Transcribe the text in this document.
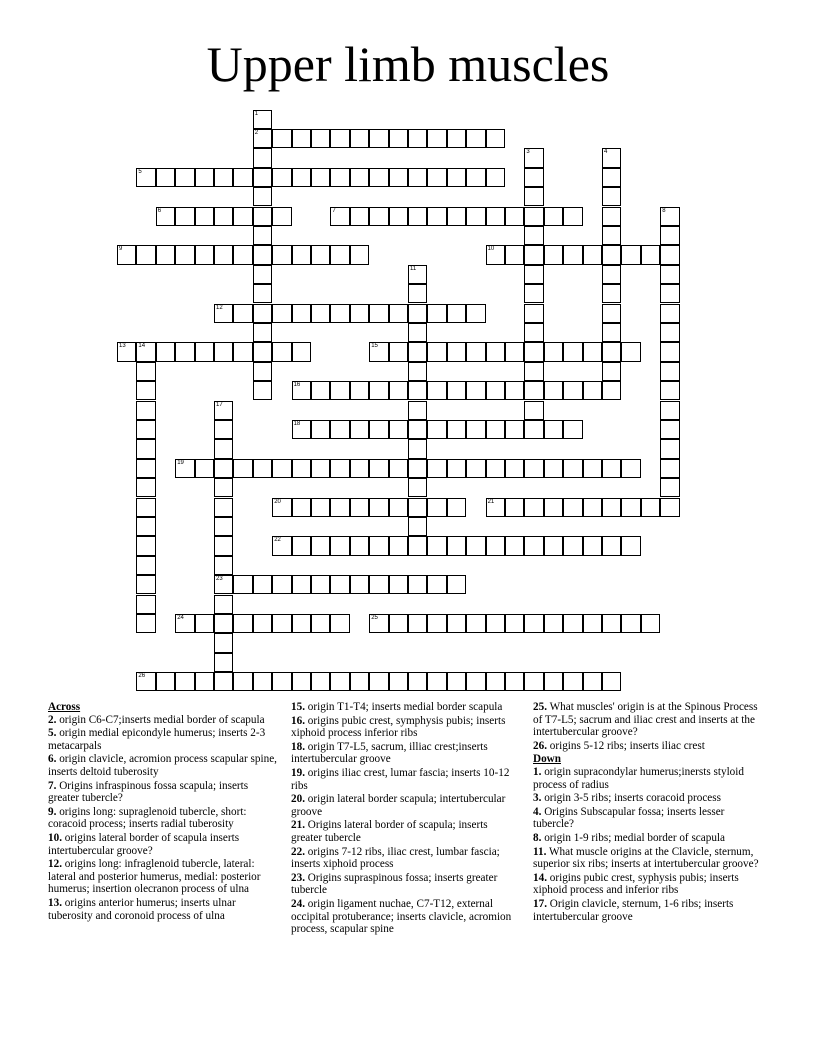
Upper limb muscles
1
2
3	4
5
6	7	8
9	10
11
12
13 14	15
16
17
23
18
19
20	21
22
24	25
26

Across

2. origin C6-C7;inserts medial border of scapula

5. origin medial epicondyle humerus; inserts 2-3 metacarpals

6. origin clavicle, acromion process scapular spine, inserts deltoid tuberosity

7. Origins infraspinous fossa scapula; inserts greater tubercle?

9. origins long: supraglenoid tubercle, short: coracoid process; inserts radial tuberosity

10. origins lateral border of scapula inserts intertubercular groove?

12. origins long: infraglenoid tubercle, lateral: lateral and posterior humerus, medial: posterior humerus; insertion olecranon process of ulna

13. origins anterior humerus; inserts ulnar tuberosity and coronoid process of ulna

15. origin T1-T4; inserts medial border scapula

16. origins pubic crest, symphysis pubis; inserts xiphoid process inferior ribs

18. origin T7-L5, sacrum, illiac crest;inserts intertubercular groove

19. origins iliac crest, lumar fascia; inserts 10-12 ribs

20. origin lateral border scapula; intertubercular groove

21. Origins lateral border of scapula; inserts greater tubercle

22. origins 7-12 ribs, iliac crest, lumbar fascia; inserts xiphoid process

23. Origins supraspinous fossa; inserts greater tubercle

24. origin ligament nuchae, C7-T12, external occipital protuberance; inserts clavicle, acromion process, scapular spine

25. What muscles' origin is at the Spinous Process of T7-L5; sacrum and iliac crest and inserts at the intertubercular groove?

26. origins 5-12 ribs; inserts iliac crest

Down

1. origin supracondylar humerus;inersts styloid process of radius

3. origin 3-5 ribs; inserts coracoid process

4. Origins Subscapular fossa; inserts lesser tubercle?

8. origin 1-9 ribs; medial border of scapula

11. What muscle origins at the Clavicle, sternum, superior six ribs; inserts at intertubercular groove?

14. origins pubic crest, syphysis pubis; inserts xiphoid process and inferior ribs

17. Origin clavicle, sternum, 1-6 ribs; inserts intertubercular groove
